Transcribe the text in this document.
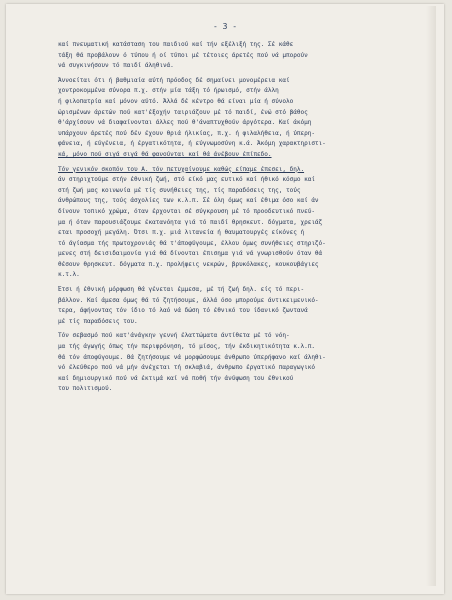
- 3 -
καί πνευματική κατάσταση του παιδιού καί τήν εξέλιξή της. Σέ κάθε
τάξη θά προβάλουν ό τύπου ή οί τύποι μέ τέτοιες άρετές πού νά μπορούν
νά συγκινήσουν τό παιδί άληθινά.
Άννοείται ότι ή βαθμιαία αύτή πρόοδος δέ σημαίνει μονομέρεια καί
χοντροκομμένα σύνορα π.χ. στήν μία τάξη τό ήρωισμό, στήν άλλη
ή φιλοπατρία καί μόνον αύτό. Άλλά δέ κέντρο θά είναι μία ή σύνολο
ώρισμένων άρετών πού κατ'έξοχήν ταιριάζουν μέ τό παιδί, ένώ στό βάθος
θ'άρχίσουν νά διαφαίνονται άλλες πού θ'άναπτυχθούν άργότερα. Καί άκόμη
υπάρχουν άρετές πού δέν έχουν θριά ήλικίας, π.χ. ή φιλαλήθεια, ή ύπερη-
φάνεια, ή εύγένεια, ή έργατικότητα, ή εύγνωμοσύνη κ.ά. Άκόμη χαρακτηριστι-
κά, μόνο πού σιγά σιγά θά φανούνται καί θά άνέβουν έπίπεδο.
Τόν γενικόν σκοπόν του Α. τόν πετυχαίνουμε καθώς είπαμε έπεσει, δηλ.
άν στηριχτούμε στήν έθνική ζωή, στό είκό μας ευτικό καί ήθικό κόσμο καί
στή ζωή μας κοινωνία μέ τίς συνήθειες της, τίς παραδόσεις της, τούς
άνθρώπους της, τούς άσχολίες των κ.λ.π. Σέ όλη όμως καί έθιμα όσο καί άν
δίνουν τοπικό χρώμα, όταν έρχονται σέ σύγκρουση μέ τό προοδευτικό πνεύ-
μα ή όταν παρουσιάζουμε έκατανόητα γιά τό παιδί θρησκευτ. δόγματα, χρειάζ
εται προσοχή μεγάλη. Ότσι π.χ. μιά λιτανεία ή θαυματουργές είκόνες ή
τό άγίασμα τής πρωτοχρονιάς θά τ'άποφύγουμε, έλλου όμως συνήθειες στηριζό-
μενες στή δεισιδαιμονία γιά θά δίνονται έπισημα γιά νά γνωρισθούν όταν θά
θέσουν θρησκευτ. δόγματα π.χ. προλήψεις νεκρών, βρυκόλακες, κουκουβάγιες
κ.τ.λ.
Έτσι ή έθνική μόρφωση θά γένεται έμμεσα, μέ τή ζωή δηλ. είς τό περι-
βάλλον. Καί άμεσα όμως θά τό ζητήσουμε, άλλά όσο μπορούμε άντικειμενικό-
τερα, άφήνοντας τόν ίδιο τό λαό νά δώση τό έθνικό του ίδανικό ζωντανά
μέ τίς παραδόσεις του.
Τόν σεβασμό πού κατ'άνάγκην γεννή έλαττώματα άντίθετα μέ τό νόη-
μα τής άγωγής όπως τήν περιφρόνηση, τό μίσος, τήν έκδικητικότητα κ.λ.π.
θά τόν άποφύγουμε. Θά ζητήσουμε νά μορφώσουμε άνθρωπο ύπερήφανο καί άληθι-
νό έλεύθερο πού νά μήν άνέχεται τή σκλαβιά, άνθρωπο έργατικό παραγωγικό
καί δημιουργικό πού νά έκτιμά καί νά ποθή τήν άνύψωση του έθνικού
του πολιτισμού.
